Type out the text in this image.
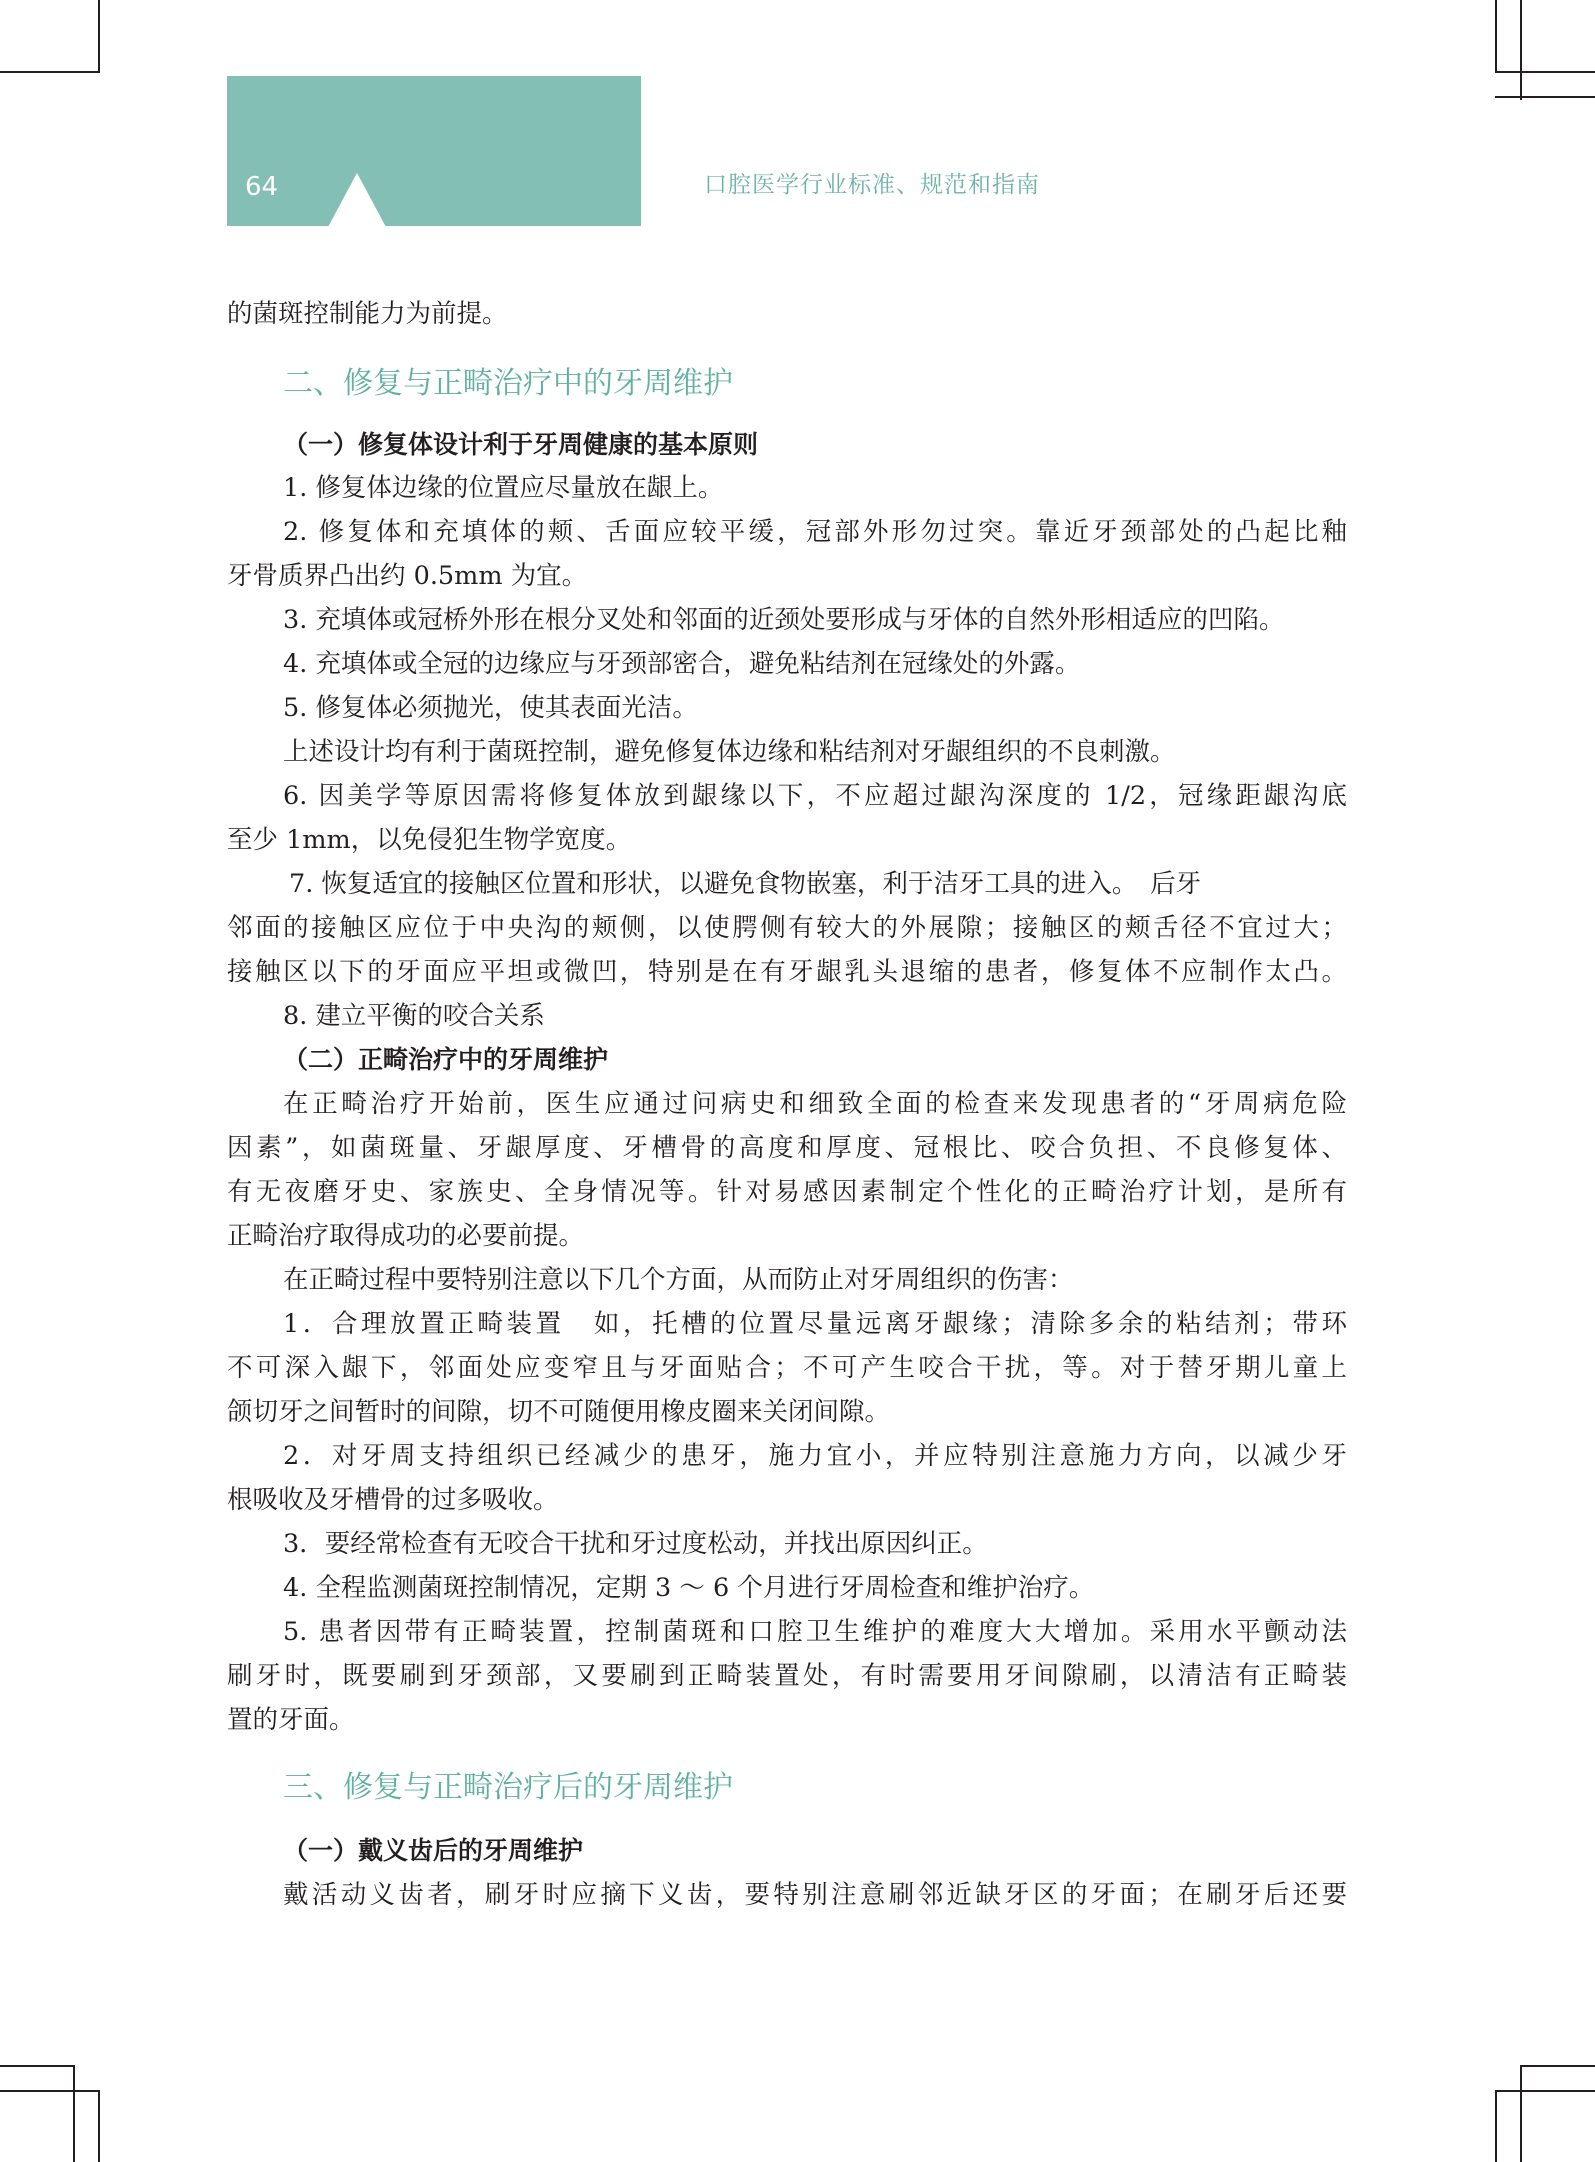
64	口腔医学行业标准、规范和指南
的菌斑控制能力为前提。
二、修复与正畸治疗中的牙周维护
（一）修复体设计利于牙周健康的基本原则
1. 修复体边缘的位置应尽量放在龈上。
2. 修复体和充填体的颊、舌面应较平缓，冠部外形勿过突。靠近牙颈部处的凸起比釉
牙骨质界凸出约 0.5mm 为宜。
3. 充填体或冠桥外形在根分叉处和邻面的近颈处要形成与牙体的自然外形相适应的凹陷。
4. 充填体或全冠的边缘应与牙颈部密合，避免粘结剂在冠缘处的外露。
5. 修复体必须抛光，使其表面光洁。
上述设计均有利于菌斑控制，避免修复体边缘和粘结剂对牙龈组织的不良刺激。
6. 因美学等原因需将修复体放到龈缘以下，不应超过龈沟深度的 1/2，冠缘距龈沟底
至少 1mm，以免侵犯生物学宽度。
7. 恢复适宜的接触区位置和形状，以避免食物嵌塞，利于洁牙工具的进入。　后牙
邻面的接触区应位于中央沟的颊侧，以使腭侧有较大的外展隙；接触区的颊舌径不宜过大；
接触区以下的牙面应平坦或微凹，特别是在有牙龈乳头退缩的患者，修复体不应制作太凸。
8. 建立平衡的咬合关系
（二）正畸治疗中的牙周维护
在正畸治疗开始前，医生应通过问病史和细致全面的检查来发现患者的“牙周病危险
因素”，如菌斑量、牙龈厚度、牙槽骨的高度和厚度、冠根比、咬合负担、不良修复体、
有无夜磨牙史、家族史、全身情况等。针对易感因素制定个性化的正畸治疗计划，是所有
正畸治疗取得成功的必要前提。
在正畸过程中要特别注意以下几个方面，从而防止对牙周组织的伤害：
1．合理放置正畸装置　如，托槽的位置尽量远离牙龈缘；清除多余的粘结剂；带环
不可深入龈下，邻面处应变窄且与牙面贴合；不可产生咬合干扰，等。对于替牙期儿童上
颌切牙之间暂时的间隙，切不可随便用橡皮圈来关闭间隙。
2．对牙周支持组织已经减少的患牙，施力宜小，并应特别注意施力方向，以减少牙
根吸收及牙槽骨的过多吸收。
3．要经常检查有无咬合干扰和牙过度松动，并找出原因纠正。
4. 全程监测菌斑控制情况，定期 3 ～ 6 个月进行牙周检查和维护治疗。
5. 患者因带有正畸装置，控制菌斑和口腔卫生维护的难度大大增加。采用水平颤动法
刷牙时，既要刷到牙颈部，又要刷到正畸装置处，有时需要用牙间隙刷，以清洁有正畸装
置的牙面。
三、修复与正畸治疗后的牙周维护
（一）戴义齿后的牙周维护
戴活动义齿者，刷牙时应摘下义齿，要特别注意刷邻近缺牙区的牙面；在刷牙后还要
